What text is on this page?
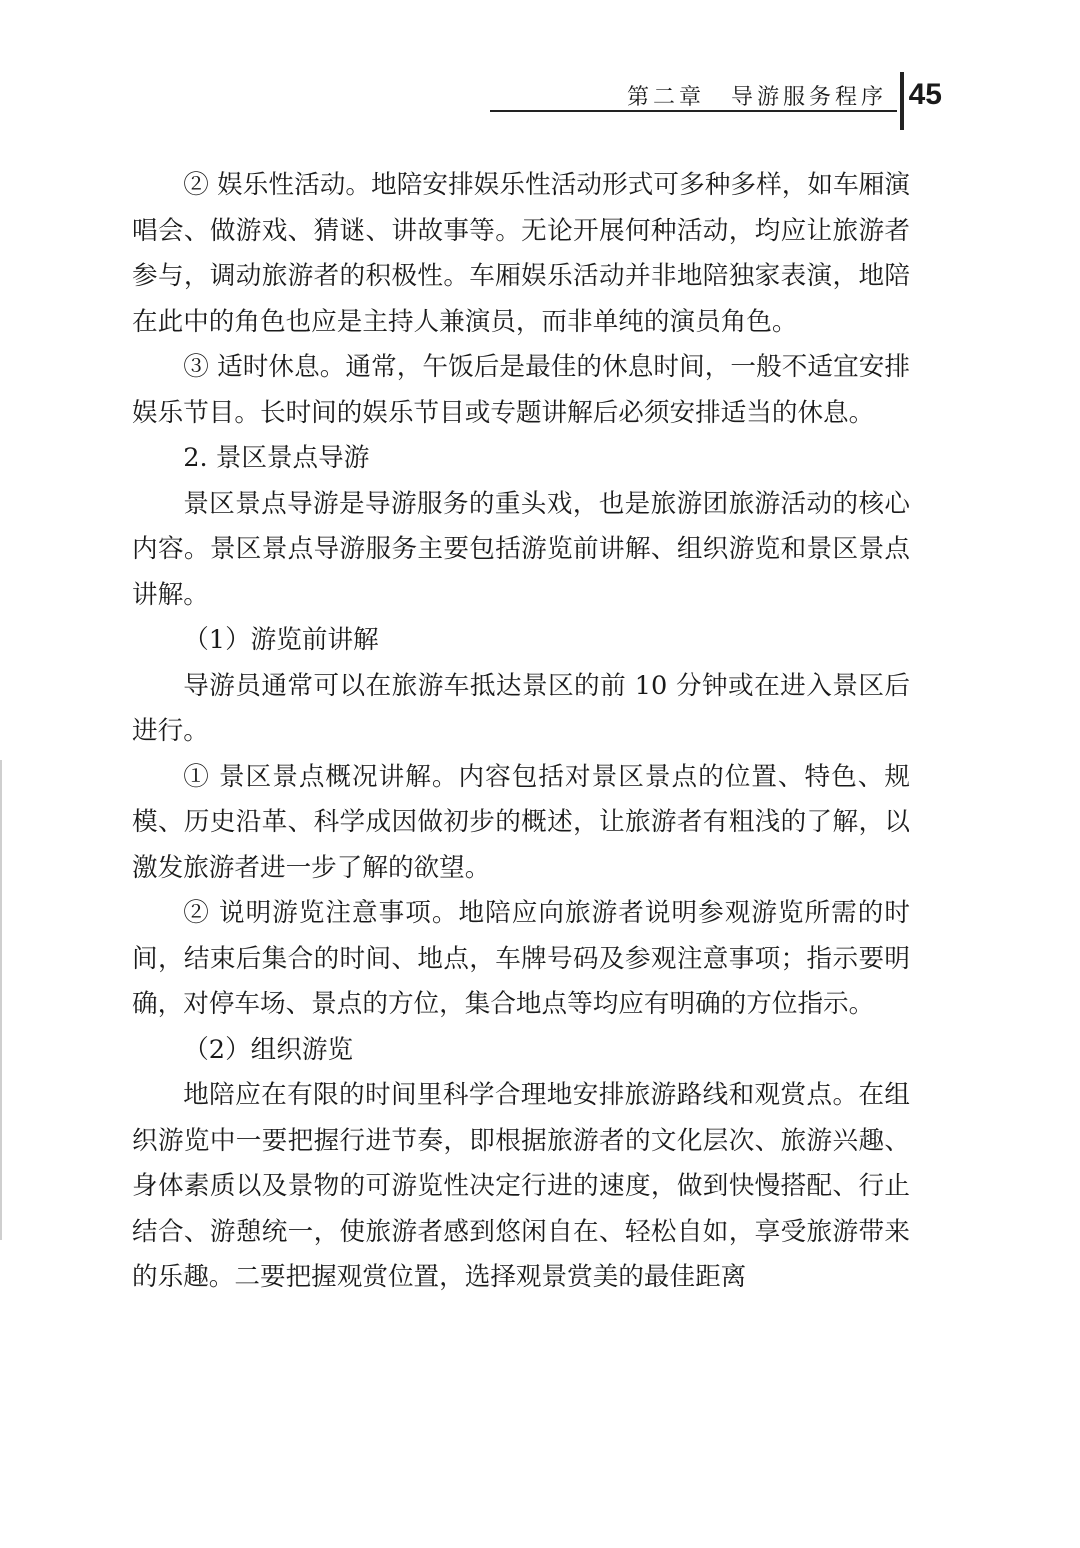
第二章　导游服务程序 45

② 娱乐性活动。地陪安排娱乐性活动形式可多种多样，如车厢演唱会、做游戏、猜谜、讲故事等。无论开展何种活动，均应让旅游者参与，调动旅游者的积极性。车厢娱乐活动并非地陪独家表演，地陪在此中的角色也应是主持人兼演员，而非单纯的演员角色。

③ 适时休息。通常，午饭后是最佳的休息时间，一般不适宜安排娱乐节目。长时间的娱乐节目或专题讲解后必须安排适当的休息。

2. 景区景点导游

景区景点导游是导游服务的重头戏，也是旅游团旅游活动的核心内容。景区景点导游服务主要包括游览前讲解、组织游览和景区景点讲解。

（1）游览前讲解

导游员通常可以在旅游车抵达景区的前 10 分钟或在进入景区后进行。

① 景区景点概况讲解。内容包括对景区景点的位置、特色、规模、历史沿革、科学成因做初步的概述，让旅游者有粗浅的了解，以激发旅游者进一步了解的欲望。

② 说明游览注意事项。地陪应向旅游者说明参观游览所需的时间，结束后集合的时间、地点，车牌号码及参观注意事项；指示要明确，对停车场、景点的方位，集合地点等均应有明确的方位指示。

（2）组织游览

地陪应在有限的时间里科学合理地安排旅游路线和观赏点。在组织游览中一要把握行进节奏，即根据旅游者的文化层次、旅游兴趣、身体素质以及景物的可游览性决定行进的速度，做到快慢搭配、行止结合、游憩统一，使旅游者感到悠闲自在、轻松自如，享受旅游带来的乐趣。二要把握观赏位置，选择观景赏美的最佳距离
